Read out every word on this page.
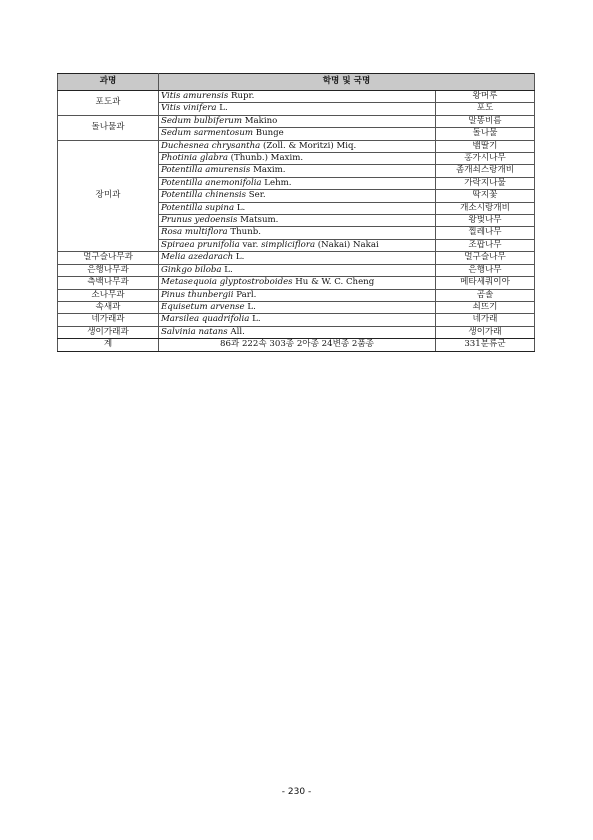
과명	학명 및 국명	
포도과	Vitis amurensis Rupr.	왕머루
	Vitis vinifera L.	포도
돌나물과	Sedum bulbiferum Makino	말똥비름
	Sedum sarmentosum Bunge	돌나물
장미과	Duchesnea chrysantha (Zoll. & Moritzi) Miq.	뱀딸기
	Photinia glabra (Thunb.) Maxim.	홍가시나무
	Potentilla amurensis Maxim.	좀개쇠스랑개비
	Potentilla anemonifolia Lehm.	가락지나물
	Potentilla chinensis Ser.	딱지꽃
	Potentilla supina L.	개소시랑개비
	Prunus yedoensis Matsum.	왕벚나무
	Rosa multiflora Thunb.	찔레나무
	Spiraea prunifolia var. simpliciflora (Nakai) Nakai	조팝나무
멀구슬나무과	Melia azedarach L.	멀구슬나무
은행나무과	Ginkgo biloba L.	은행나무
측백나무과	Metasequoia glyptostroboides Hu & W. C. Cheng	메타세쿼이아
소나무과	Pinus thunbergii Parl.	곰솔
속새과	Equisetum arvense L.	쇠뜨기
네가래과	Marsilea quadrifolia L.	네가래
생이가래과	Salvinia natans All.	생이가래
계	86과 222속 303종 2아종 24변종 2품종	331분류군
- 230 -
